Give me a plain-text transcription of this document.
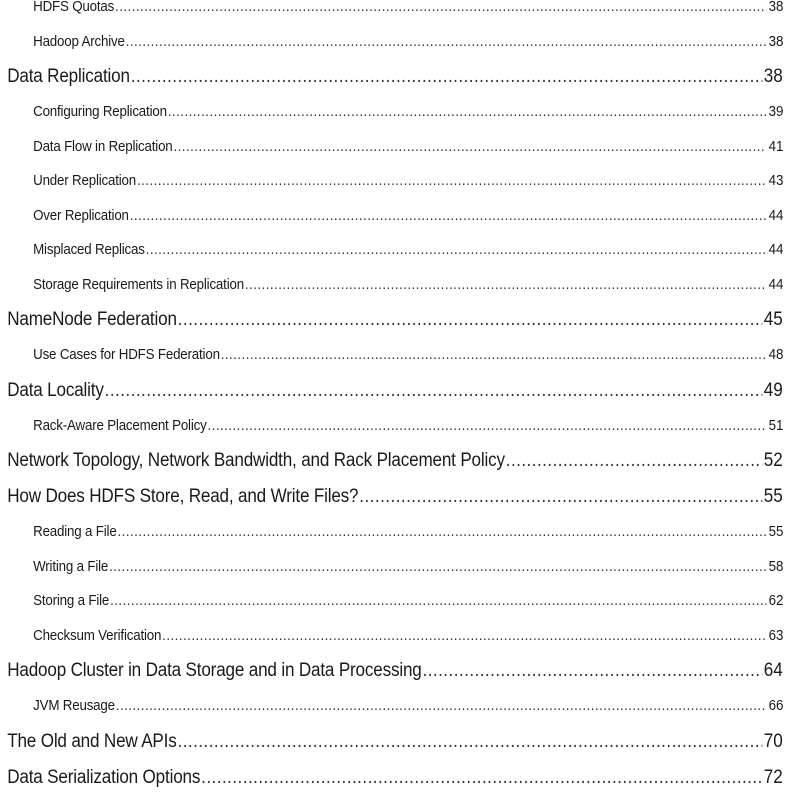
HDFS Quotas .....	38
Hadoop Archive .....	38
Data Replication .....	38
Configuring Replication .....	39
Data Flow in Replication .....	41
Under Replication .....	43
Over Replication .....	44
Misplaced Replicas .....	44
Storage Requirements in Replication .....	44
NameNode Federation .....	45
Use Cases for HDFS Federation .....	48
Data Locality .....	49
Rack-Aware Placement Policy .....	51
Network Topology, Network Bandwidth, and Rack Placement Policy .....	52
How Does HDFS Store, Read, and Write Files? .....	55
Reading a File .....	55
Writing a File .....	58
Storing a File .....	62
Checksum Verification .....	63
Hadoop Cluster in Data Storage and in Data Processing .....	64
JVM Reusage .....	66
The Old and New APIs .....	70
Data Serialization Options .....	72
